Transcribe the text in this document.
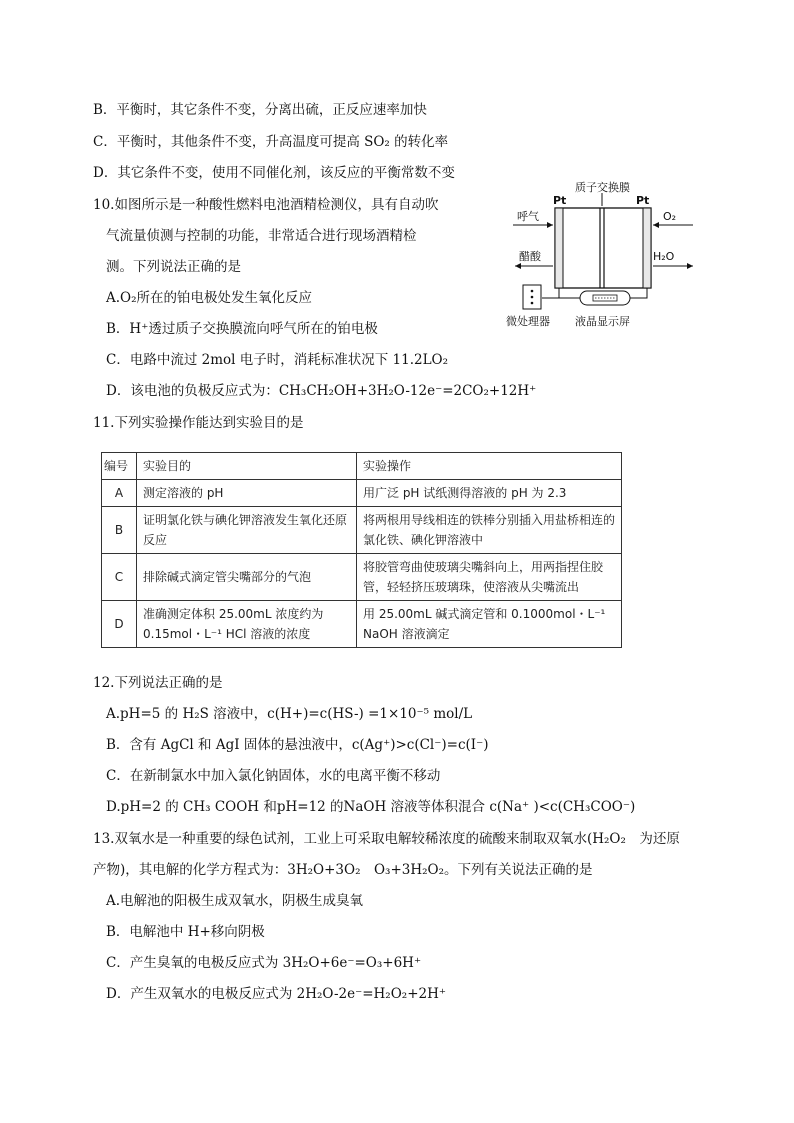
B．平衡时，其它条件不变，分离出硫，正反应速率加快
C．平衡时，其他条件不变，升高温度可提高 SO₂ 的转化率
D．其它条件不变，使用不同催化剂，该反应的平衡常数不变
10.如图所示是一种酸性燃料电池酒精检测仪，具有自动吹
气流量侦测与控制的功能，非常适合进行现场酒精检
测。下列说法正确的是
A.O₂所在的铂电极处发生氧化反应
B．H⁺透过质子交换膜流向呼气所在的铂电极
C．电路中流过 2mol 电子时，消耗标准状况下 11.2LO₂
D．该电池的负极反应式为：CH₃CH₂OH+3H₂O-12e⁻=2CO₂+12H⁺
质子交换膜
Pt	Pt
呼气
醋酸
O₂
H₂O
微处理器 液晶显示屏
11.下列实验操作能达到实验目的是
编号	实验目的	实验操作
A	测定溶液的 pH	用广泛 pH 试纸测得溶液的 pH 为 2.3
B	证明氯化铁与碘化钾溶液发生氧化还原反应	将两根用导线相连的铁棒分别插入用盐桥相连的氯化铁、碘化钾溶液中
C	排除碱式滴定管尖嘴部分的气泡	将胶管弯曲使玻璃尖嘴斜向上，用两指捏住胶管，轻轻挤压玻璃珠，使溶液从尖嘴流出
D	准确测定体积 25.00mL 浓度约为 0.15mol・L⁻¹ HCl 溶液的浓度	用 25.00mL 碱式滴定管和 0.1000mol・L⁻¹ NaOH 溶液滴定
12.下列说法正确的是
A.pH=5 的 H₂S 溶液中，c(H+)=c(HS-) =1×10⁻⁵ mol/L
B．含有 AgCl 和 AgI 固体的悬浊液中，c(Ag⁺)>c(Cl⁻)=c(I⁻)
C．在新制氯水中加入氯化钠固体，水的电离平衡不移动
D.pH=2 的 CH₃ COOH 和pH=12 的NaOH 溶液等体积混合 c(Na⁺ )<c(CH₃COO⁻)
13.双氧水是一种重要的绿色试剂，工业上可采取电解较稀浓度的硫酸来制取双氧水(H₂O₂　为还原
产物)，其电解的化学方程式为：3H₂O+3O₂　O₃+3H₂O₂。下列有关说法正确的是
A.电解池的阳极生成双氧水，阴极生成臭氧
B．电解池中 H+移向阴极
C．产生臭氧的电极反应式为 3H₂O+6e⁻=O₃+6H⁺
D．产生双氧水的电极反应式为 2H₂O-2e⁻=H₂O₂+2H⁺
